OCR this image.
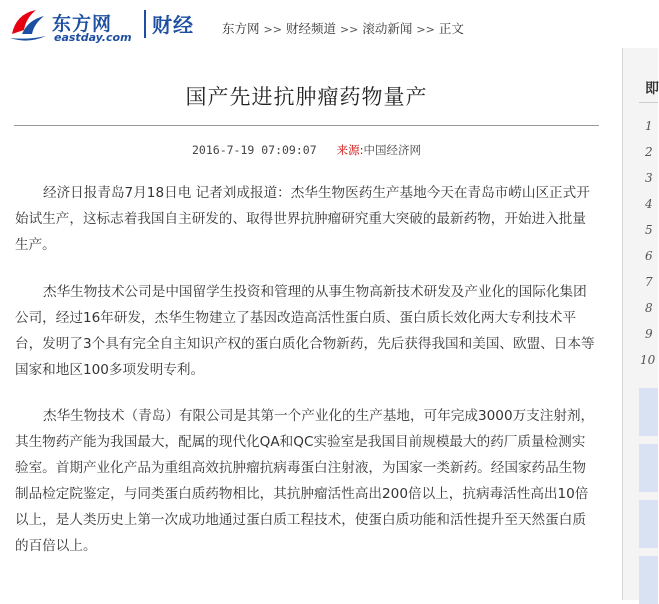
东方网
eastday.com
财经 东方网 >> 财经频道 >> 滚动新闻 >> 正文
国产先进抗肿瘤药物量产
2016-7-19 07:09:07 来源:中国经济网

经济日报青岛7月18日电 记者刘成报道：杰华生物医药生产基地今天在青岛市崂山区正式开始试生产，这标志着我国自主研发的、取得世界抗肿瘤研究重大突破的最新药物，开始进入批量生产。

杰华生物技术公司是中国留学生投资和管理的从事生物高新技术研发及产业化的国际化集团公司，经过16年研发，杰华生物建立了基因改造高活性蛋白质、蛋白质长效化两大专利技术平台，发明了3个具有完全自主知识产权的蛋白质化合物新药，先后获得我国和美国、欧盟、日本等国家和地区100多项发明专利。

杰华生物技术（青岛）有限公司是其第一个产业化的生产基地，可年完成3000万支注射剂，其生物药产能为我国最大，配属的现代化QA和QC实验室是我国目前规模最大的药厂质量检测实验室。首期产业化产品为重组高效抗肿瘤抗病毒蛋白注射液，为国家一类新药。经国家药品生物制品检定院鉴定，与同类蛋白质药物相比，其抗肿瘤活性高出200倍以上，抗病毒活性高出10倍以上，是人类历史上第一次成功地通过蛋白质工程技术，使蛋白质功能和活性提升至天然蛋白质的百倍以上。

即
1
2
3
4
5
6
7
8
9
10
